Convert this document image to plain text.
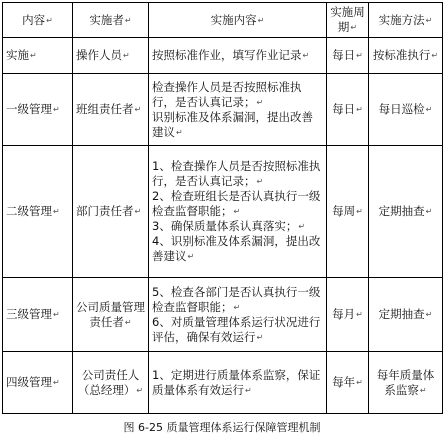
内容↵	实施者↵	实施内容↵	实施周期↵	实施方法↵
实施↵	操作人员↵	按照标准作业，填写作业记录↵	每日↵	按标准执行↵
一级管理↵	班组责任者↵	检查操作人员是否按照标准执行，是否认真记录；↵
识别标准及体系漏洞，提出改善建议↵	每日↵	每日巡检↵
二级管理↵	部门责任者↵	1、检查操作人员是否按照标准执行，是否认真记录；↵
2、检查班组长是否认真执行一级检查监督职能；↵
3、确保质量体系认真落实；↵
4、识别标准及体系漏洞，提出改善建议↵	每周↵	定期抽查↵
三级管理↵	公司质量管理责任者↵	5、检查各部门是否认真执行一级检查监督职能；↵
6、对质量管理体系运行状况进行评估，确保有效运行↵	每月↵	定期抽查↵
四级管理↵	公司责任人（总经理）↵	1、定期进行质量体系监察，保证质量体系有效运行↵	每年↵	每年质量体系监察↵
图 6-25 质量管理体系运行保障管理机制
